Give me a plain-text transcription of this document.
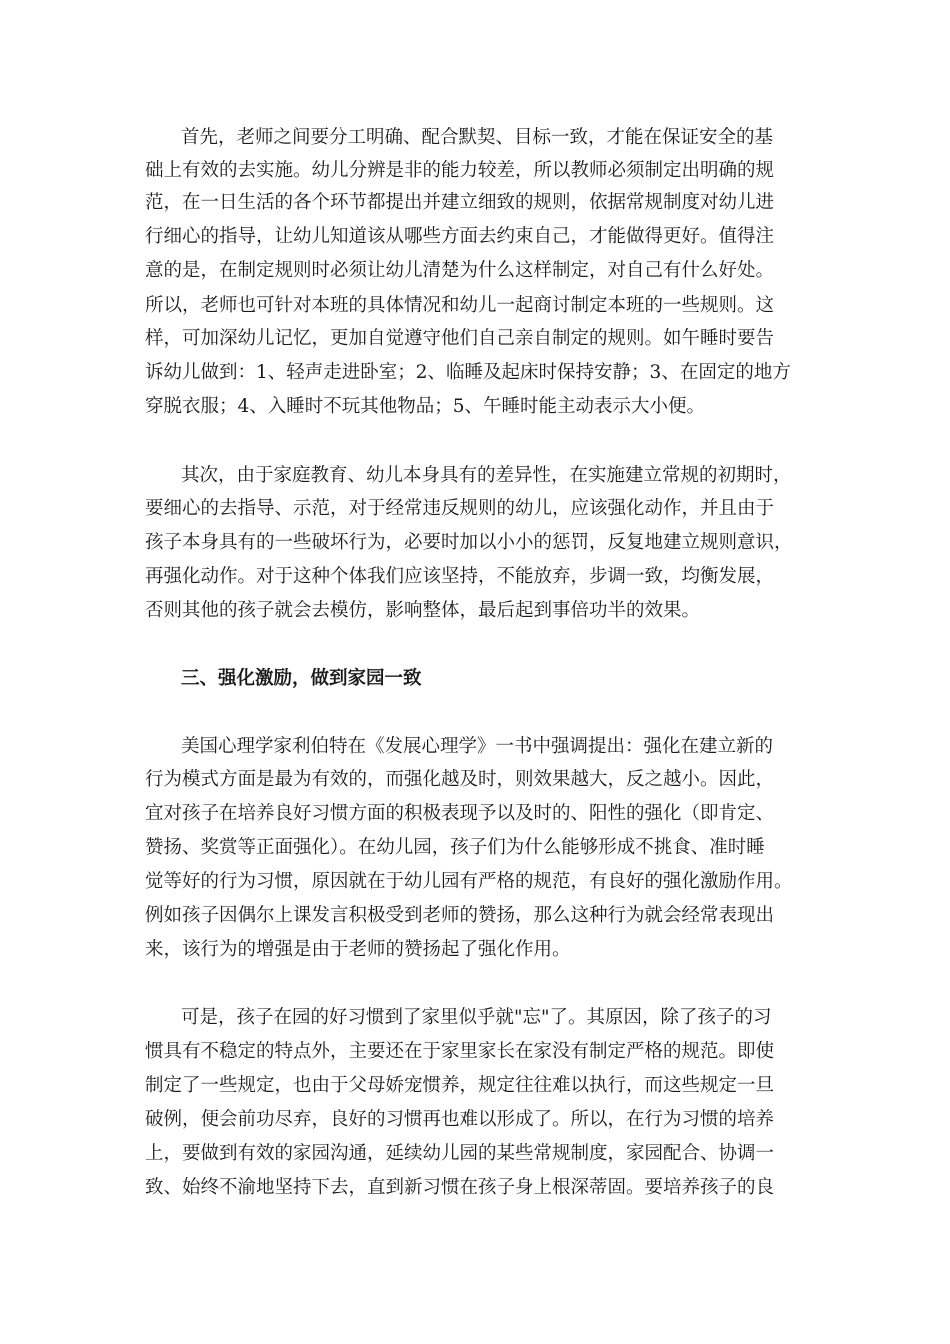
首先，老师之间要分工明确、配合默契、目标一致，才能在保证安全的基
础上有效的去实施。幼儿分辨是非的能力较差，所以教师必须制定出明确的规
范，在一日生活的各个环节都提出并建立细致的规则，依据常规制度对幼儿进
行细心的指导，让幼儿知道该从哪些方面去约束自己，才能做得更好。值得注
意的是，在制定规则时必须让幼儿清楚为什么这样制定，对自己有什么好处。
所以，老师也可针对本班的具体情况和幼儿一起商讨制定本班的一些规则。这
样，可加深幼儿记忆，更加自觉遵守他们自己亲自制定的规则。如午睡时要告
诉幼儿做到：1、轻声走进卧室；2、临睡及起床时保持安静；3、在固定的地方
穿脱衣服；4、入睡时不玩其他物品；5、午睡时能主动表示大小便。
其次，由于家庭教育、幼儿本身具有的差异性，在实施建立常规的初期时，
要细心的去指导、示范，对于经常违反规则的幼儿，应该强化动作，并且由于
孩子本身具有的一些破坏行为，必要时加以小小的惩罚，反复地建立规则意识，
再强化动作。对于这种个体我们应该坚持，不能放弃，步调一致，均衡发展，
否则其他的孩子就会去模仿，影响整体，最后起到事倍功半的效果。
三、强化激励，做到家园一致
美国心理学家利伯特在《发展心理学》一书中强调提出：强化在建立新的
行为模式方面是最为有效的，而强化越及时，则效果越大，反之越小。因此，
宜对孩子在培养良好习惯方面的积极表现予以及时的、阳性的强化（即肯定、
赞扬、奖赏等正面强化）。在幼儿园，孩子们为什么能够形成不挑食、准时睡
觉等好的行为习惯，原因就在于幼儿园有严格的规范，有良好的强化激励作用。
例如孩子因偶尔上课发言积极受到老师的赞扬，那么这种行为就会经常表现出
来，该行为的增强是由于老师的赞扬起了强化作用。
可是，孩子在园的好习惯到了家里似乎就"忘"了。其原因，除了孩子的习
惯具有不稳定的特点外，主要还在于家里家长在家没有制定严格的规范。即使
制定了一些规定，也由于父母娇宠惯养，规定往往难以执行，而这些规定一旦
破例，便会前功尽弃，良好的习惯再也难以形成了。所以，在行为习惯的培养
上，要做到有效的家园沟通，延续幼儿园的某些常规制度，家园配合、协调一
致、始终不渝地坚持下去，直到新习惯在孩子身上根深蒂固。要培养孩子的良
